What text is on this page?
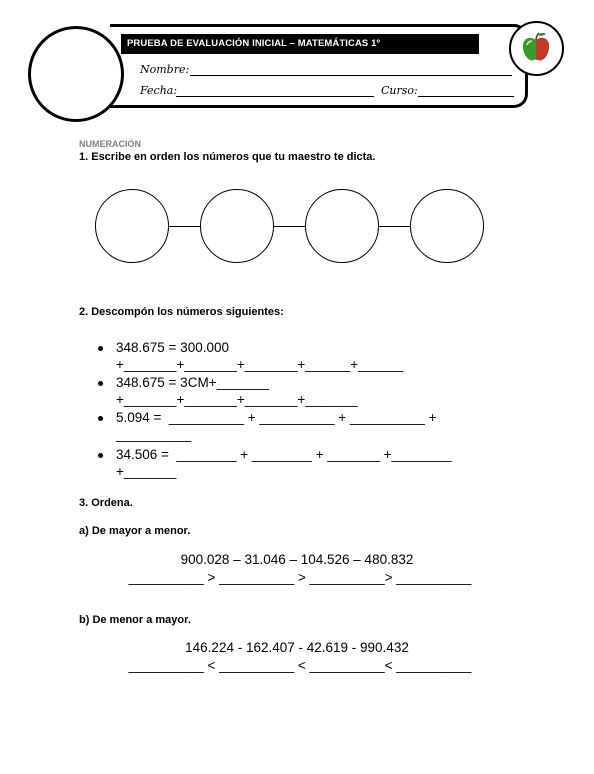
PRUEBA DE EVALUACIÓN INICIAL – MATEMÁTICAS 1º
Nombre:
Fecha:	Curso:
NUMERACIÓN
1. Escribe en orden los números que tu maestro te dicta.
2. Descompón los números siguientes:
348.675 = 300.000
+_______+_______+_______+______+______
348.675 = 3CM+_______
+_______+_______+_______+_______
5.094 =  __________ + __________ + __________ +
__________
34.506 =  ________ + ________ + _______ +________
+_______
3. Ordena.
a) De mayor a menor.
900.028 – 31.046 – 104.526 – 480.832
__________ > __________ > __________> __________
b) De menor a mayor.
146.224 - 162.407 - 42.619 - 990.432
__________ < __________ < __________< __________
